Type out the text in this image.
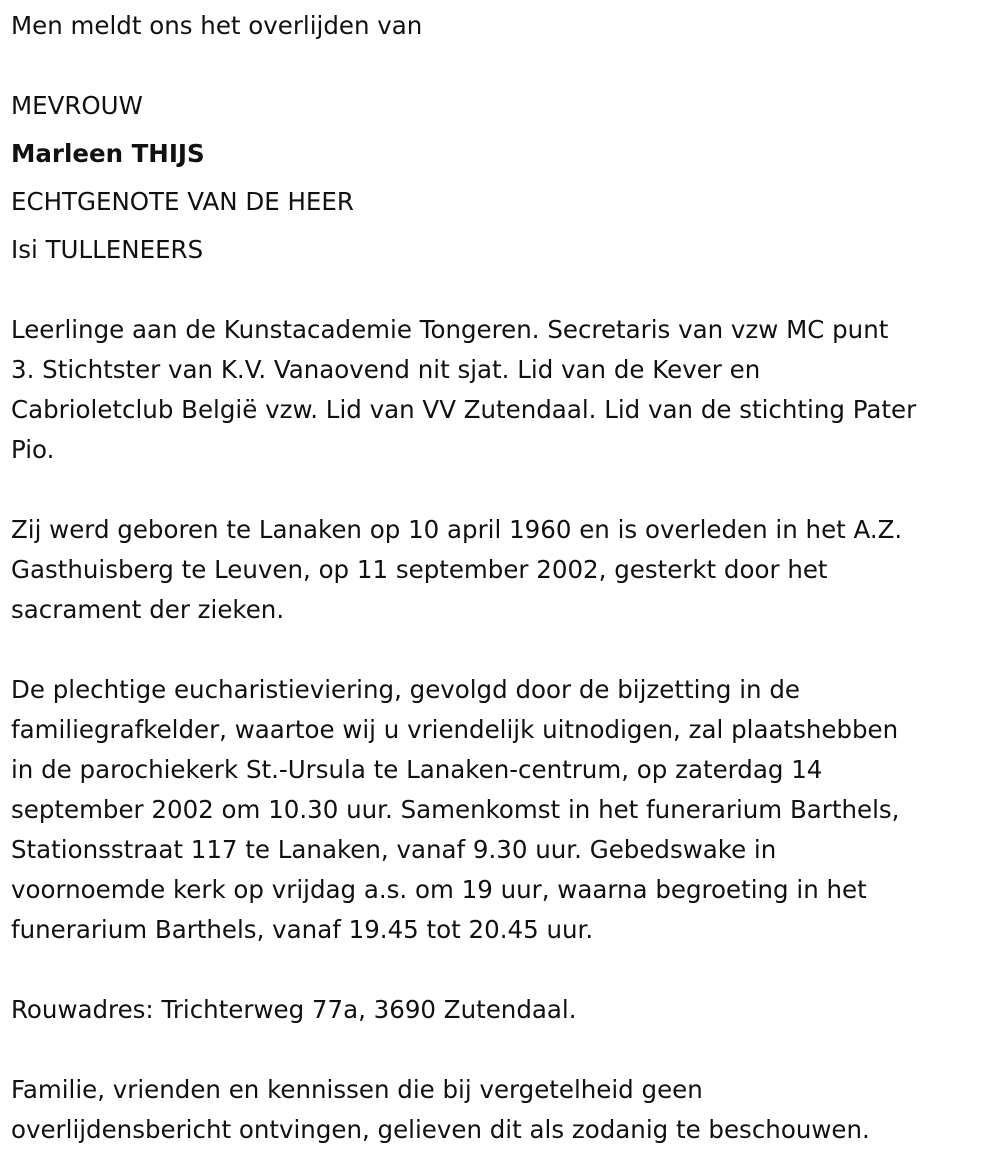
Men meldt ons het overlijden van

MEVROUW

Marleen THIJS

ECHTGENOTE VAN DE HEER

Isi TULLENEERS

Leerlinge aan de Kunstacademie Tongeren. Secretaris van vzw MC punt

3. Stichtster van K.V. Vanaovend nit sjat. Lid van de Kever en

Cabrioletclub België vzw. Lid van VV Zutendaal. Lid van de stichting Pater

Pio.

Zij werd geboren te Lanaken op 10 april 1960 en is overleden in het A.Z.

Gasthuisberg te Leuven, op 11 september 2002, gesterkt door het

sacrament der zieken.

De plechtige eucharistieviering, gevolgd door de bijzetting in de

familiegrafkelder, waartoe wij u vriendelijk uitnodigen, zal plaatshebben

in de parochiekerk St.-Ursula te Lanaken-centrum, op zaterdag 14

september 2002 om 10.30 uur. Samenkomst in het funerarium Barthels,

Stationsstraat 117 te Lanaken, vanaf 9.30 uur. Gebedswake in

voornoemde kerk op vrijdag a.s. om 19 uur, waarna begroeting in het

funerarium Barthels, vanaf 19.45 tot 20.45 uur.

Rouwadres: Trichterweg 77a, 3690 Zutendaal.

Familie, vrienden en kennissen die bij vergetelheid geen

overlijdensbericht ontvingen, gelieven dit als zodanig te beschouwen.
